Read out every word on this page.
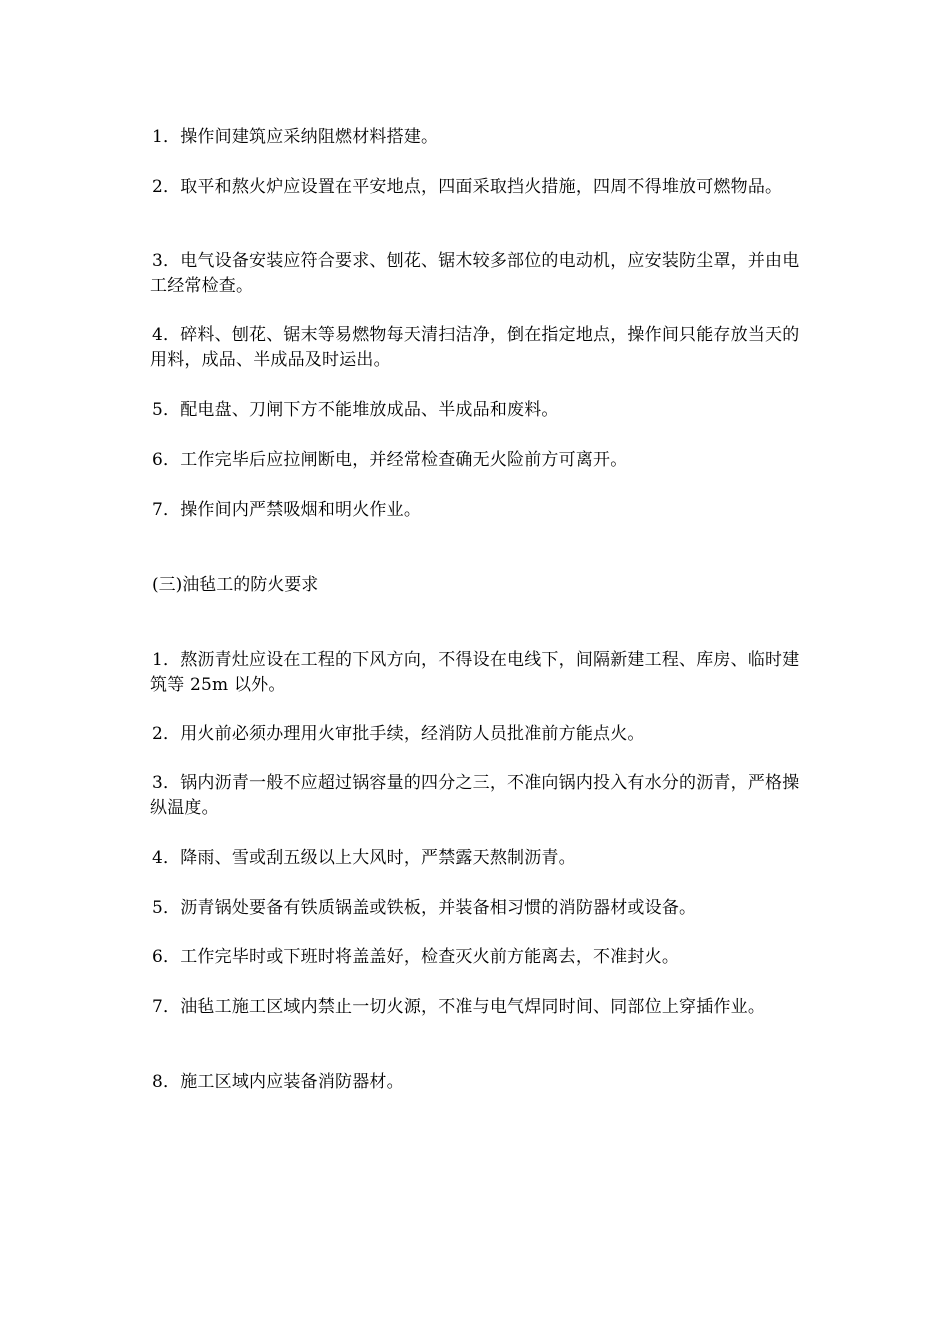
1．操作间建筑应采纳阻燃材料搭建。

2．取平和熬火炉应设置在平安地点，四面采取挡火措施，四周不得堆放可燃物品。

3．电气设备安装应符合要求、刨花、锯木较多部位的电动机，应安装防尘罩，并由电工经常检查。

4．碎料、刨花、锯末等易燃物每天清扫洁净，倒在指定地点，操作间只能存放当天的用料，成品、半成品及时运出。

5．配电盘、刀闸下方不能堆放成品、半成品和废料。

6．工作完毕后应拉闸断电，并经常检查确无火险前方可离开。

7．操作间内严禁吸烟和明火作业。

(三)油毡工的防火要求

1．熬沥青灶应设在工程的下风方向，不得设在电线下，间隔新建工程、库房、临时建筑等 25m 以外。

2．用火前必须办理用火审批手续，经消防人员批准前方能点火。

3．锅内沥青一般不应超过锅容量的四分之三，不准向锅内投入有水分的沥青，严格操纵温度。

4．降雨、雪或刮五级以上大风时，严禁露天熬制沥青。

5．沥青锅处要备有铁质锅盖或铁板，并装备相习惯的消防器材或设备。

6．工作完毕时或下班时将盖盖好，检查灭火前方能离去，不准封火。

7．油毡工施工区域内禁止一切火源，不准与电气焊同时间、同部位上穿插作业。

8．施工区域内应装备消防器材。
